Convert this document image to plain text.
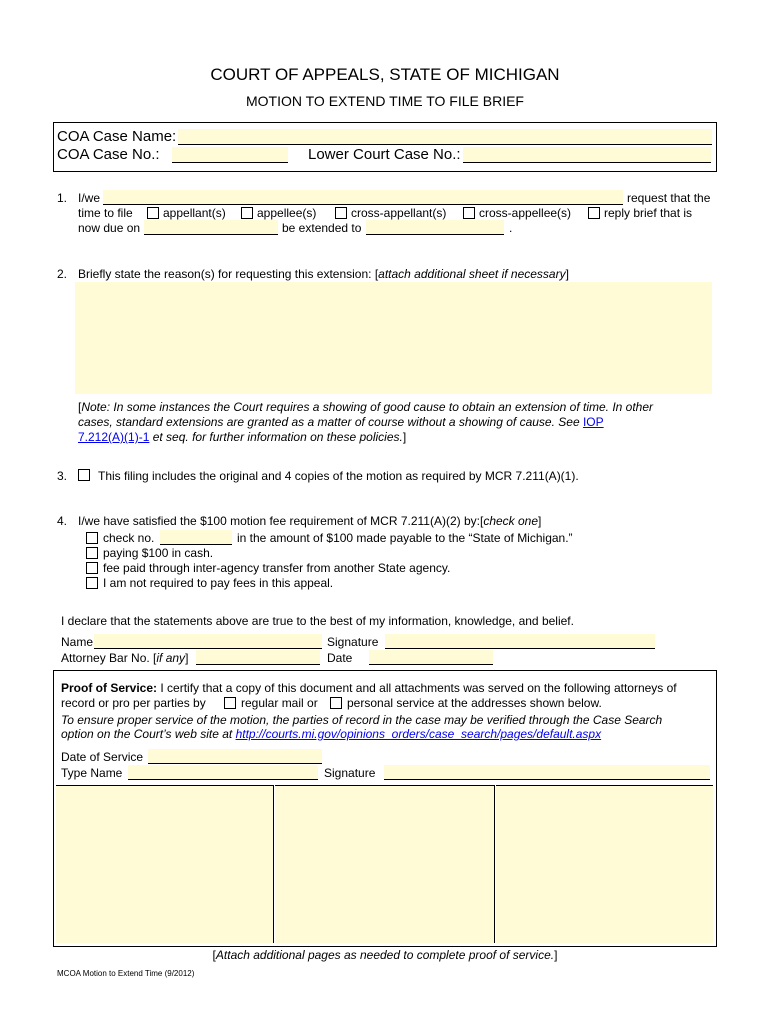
COURT OF APPEALS, STATE OF MICHIGAN
MOTION TO EXTEND TIME TO FILE BRIEF
COA Case Name:
COA Case No.:	Lower Court Case No.:
1. I/we	request that the
time to file	appellant(s)	appellee(s)	cross-appellant(s)	cross-appellee(s)	reply brief that is
now due on	be extended to	.
2. Briefly state the reason(s) for requesting this extension: [attach additional sheet if necessary]
[Note: In some instances the Court requires a showing of good cause to obtain an extension of time. In other
cases, standard extensions are granted as a matter of course without a showing of cause. See IOP
7.212(A)(1)-1 et seq. for further information on these policies.]
3.	This filing includes the original and 4 copies of the motion as required by MCR 7.211(A)(1).
4. I/we have satisfied the $100 motion fee requirement of MCR 7.211(A)(2) by:[check one]
check no.	in the amount of $100 made payable to the “State of Michigan.”
paying $100 in cash.
fee paid through inter-agency transfer from another State agency.
I am not required to pay fees in this appeal.
I declare that the statements above are true to the best of my information, knowledge, and belief.
Name	Signature
Attorney Bar No. [if any]	Date
Proof of Service: I certify that a copy of this document and all attachments was served on the following attorneys of
record or pro per parties by	regular mail or personal service at the addresses shown below.
To ensure proper service of the motion, the parties of record in the case may be verified through the Case Search
option on the Court’s web site at http://courts.mi.gov/opinions_orders/case_search/pages/default.aspx
Date of Service
Type Name	Signature
[Attach additional pages as needed to complete proof of service.]
MCOA Motion to Extend Time (9/2012)
